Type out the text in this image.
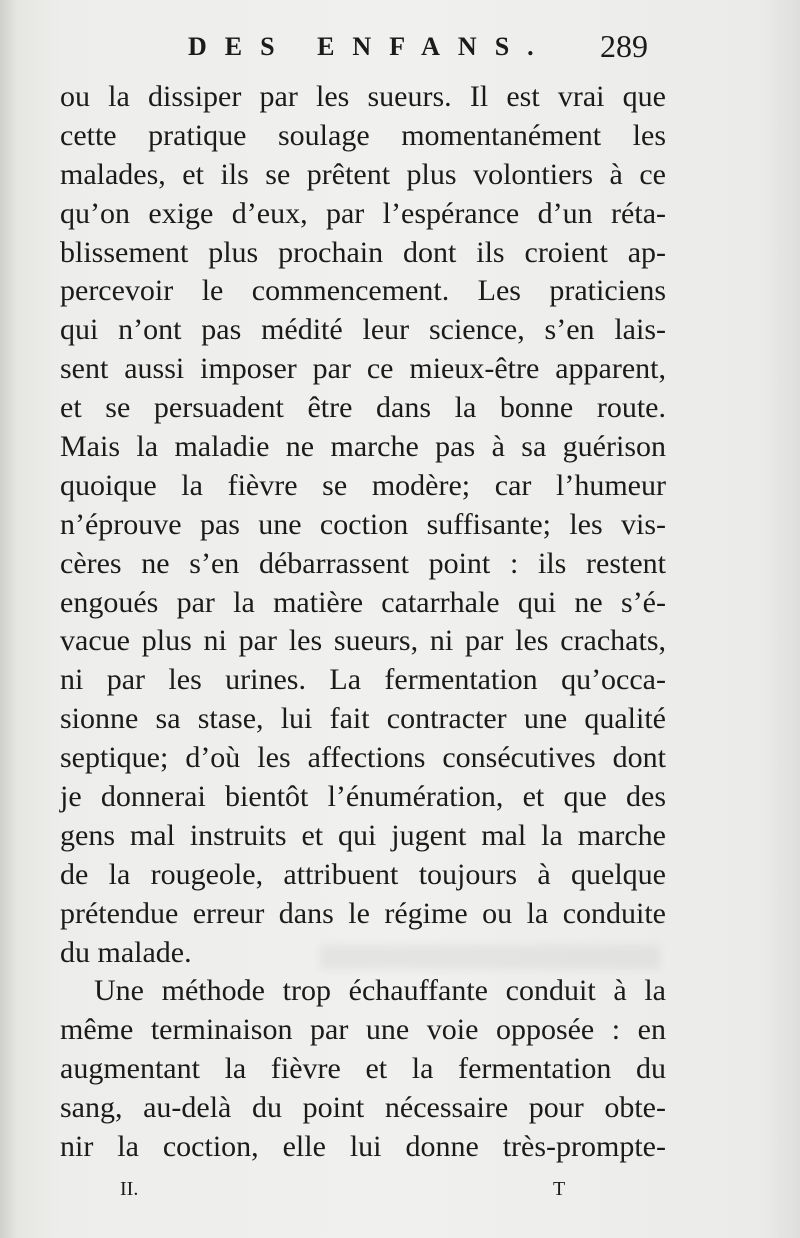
DES ENFANS. 289
ou la dissiper par les sueurs. Il est vrai que
cette pratique soulage momentanément les
malades, et ils se prêtent plus volontiers à ce
qu’on exige d’eux, par l’espérance d’un réta-
blissement plus prochain dont ils croient ap-
percevoir le commencement. Les praticiens
qui n’ont pas médité leur science, s’en lais-
sent aussi imposer par ce mieux-être apparent,
et se persuadent être dans la bonne route.
Mais la maladie ne marche pas à sa guérison
quoique la fièvre se modère; car l’humeur
n’éprouve pas une coction suffisante; les vis-
cères ne s’en débarrassent point : ils restent
engoués par la matière catarrhale qui ne s’é-
vacue plus ni par les sueurs, ni par les crachats,
ni par les urines. La fermentation qu’occa-
sionne sa stase, lui fait contracter une qualité
septique; d’où les affections consécutives dont
je donnerai bientôt l’énumération, et que des
gens mal instruits et qui jugent mal la marche
de la rougeole, attribuent toujours à quelque
prétendue erreur dans le régime ou la conduite
du malade.
Une méthode trop échauffante conduit à la
même terminaison par une voie opposée : en
augmentant la fièvre et la fermentation du
sang, au-delà du point nécessaire pour obte-
nir la coction, elle lui donne très-prompte-
II.	T
